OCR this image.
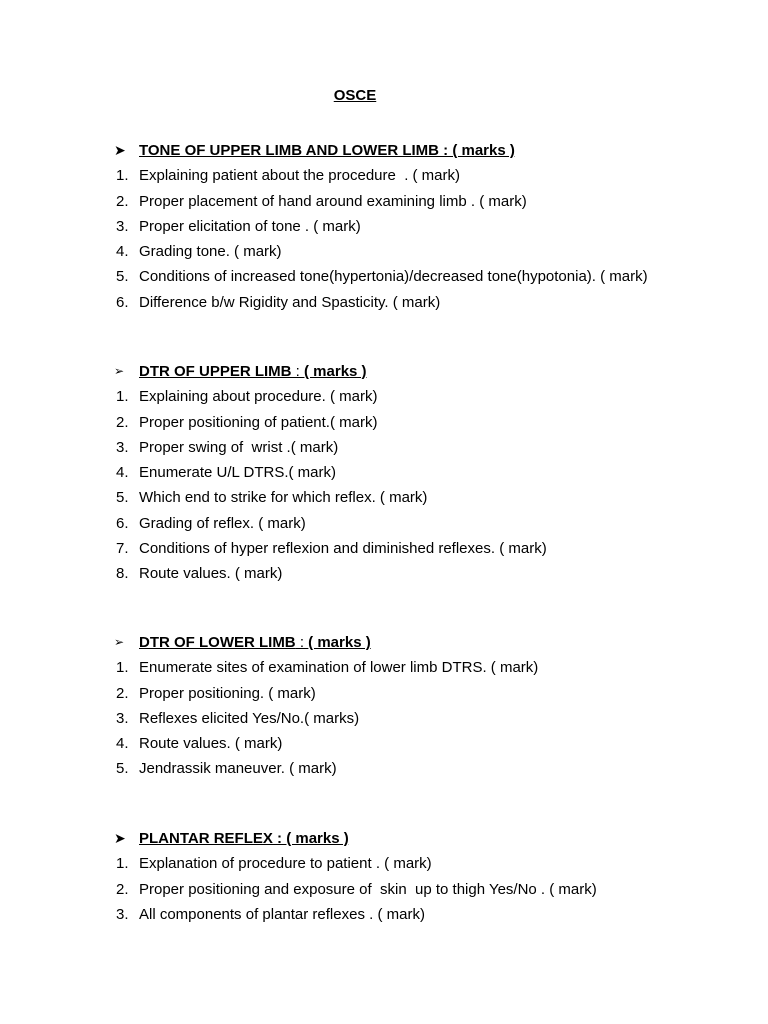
OSCE
➤ TONE OF UPPER LIMB AND LOWER LIMB : ( marks )
1. Explaining patient about the procedure  . ( mark)
2. Proper placement of hand around examining limb . ( mark)
3. Proper elicitation of tone . ( mark)
4. Grading tone. ( mark)
5. Conditions of increased tone(hypertonia)/decreased tone(hypotonia). ( mark)
6. Difference b/w Rigidity and Spasticity. ( mark)
➢ DTR OF UPPER LIMB : ( marks )
1. Explaining about procedure. ( mark)
2. Proper positioning of patient.( mark)
3. Proper swing of  wrist .( mark)
4. Enumerate U/L DTRS.( mark)
5. Which end to strike for which reflex. ( mark)
6. Grading of reflex. ( mark)
7. Conditions of hyper reflexion and diminished reflexes. ( mark)
8. Route values. ( mark)
➢ DTR OF LOWER LIMB : ( marks )
1. Enumerate sites of examination of lower limb DTRS. ( mark)
2. Proper positioning. ( mark)
3. Reflexes elicited Yes/No.( marks)
4. Route values. ( mark)
5. Jendrassik maneuver. ( mark)
➤ PLANTAR REFLEX : ( marks )
1. Explanation of procedure to patient . ( mark)
2. Proper positioning and exposure of  skin  up to thigh Yes/No . ( mark)
3. All components of plantar reflexes . ( mark)
